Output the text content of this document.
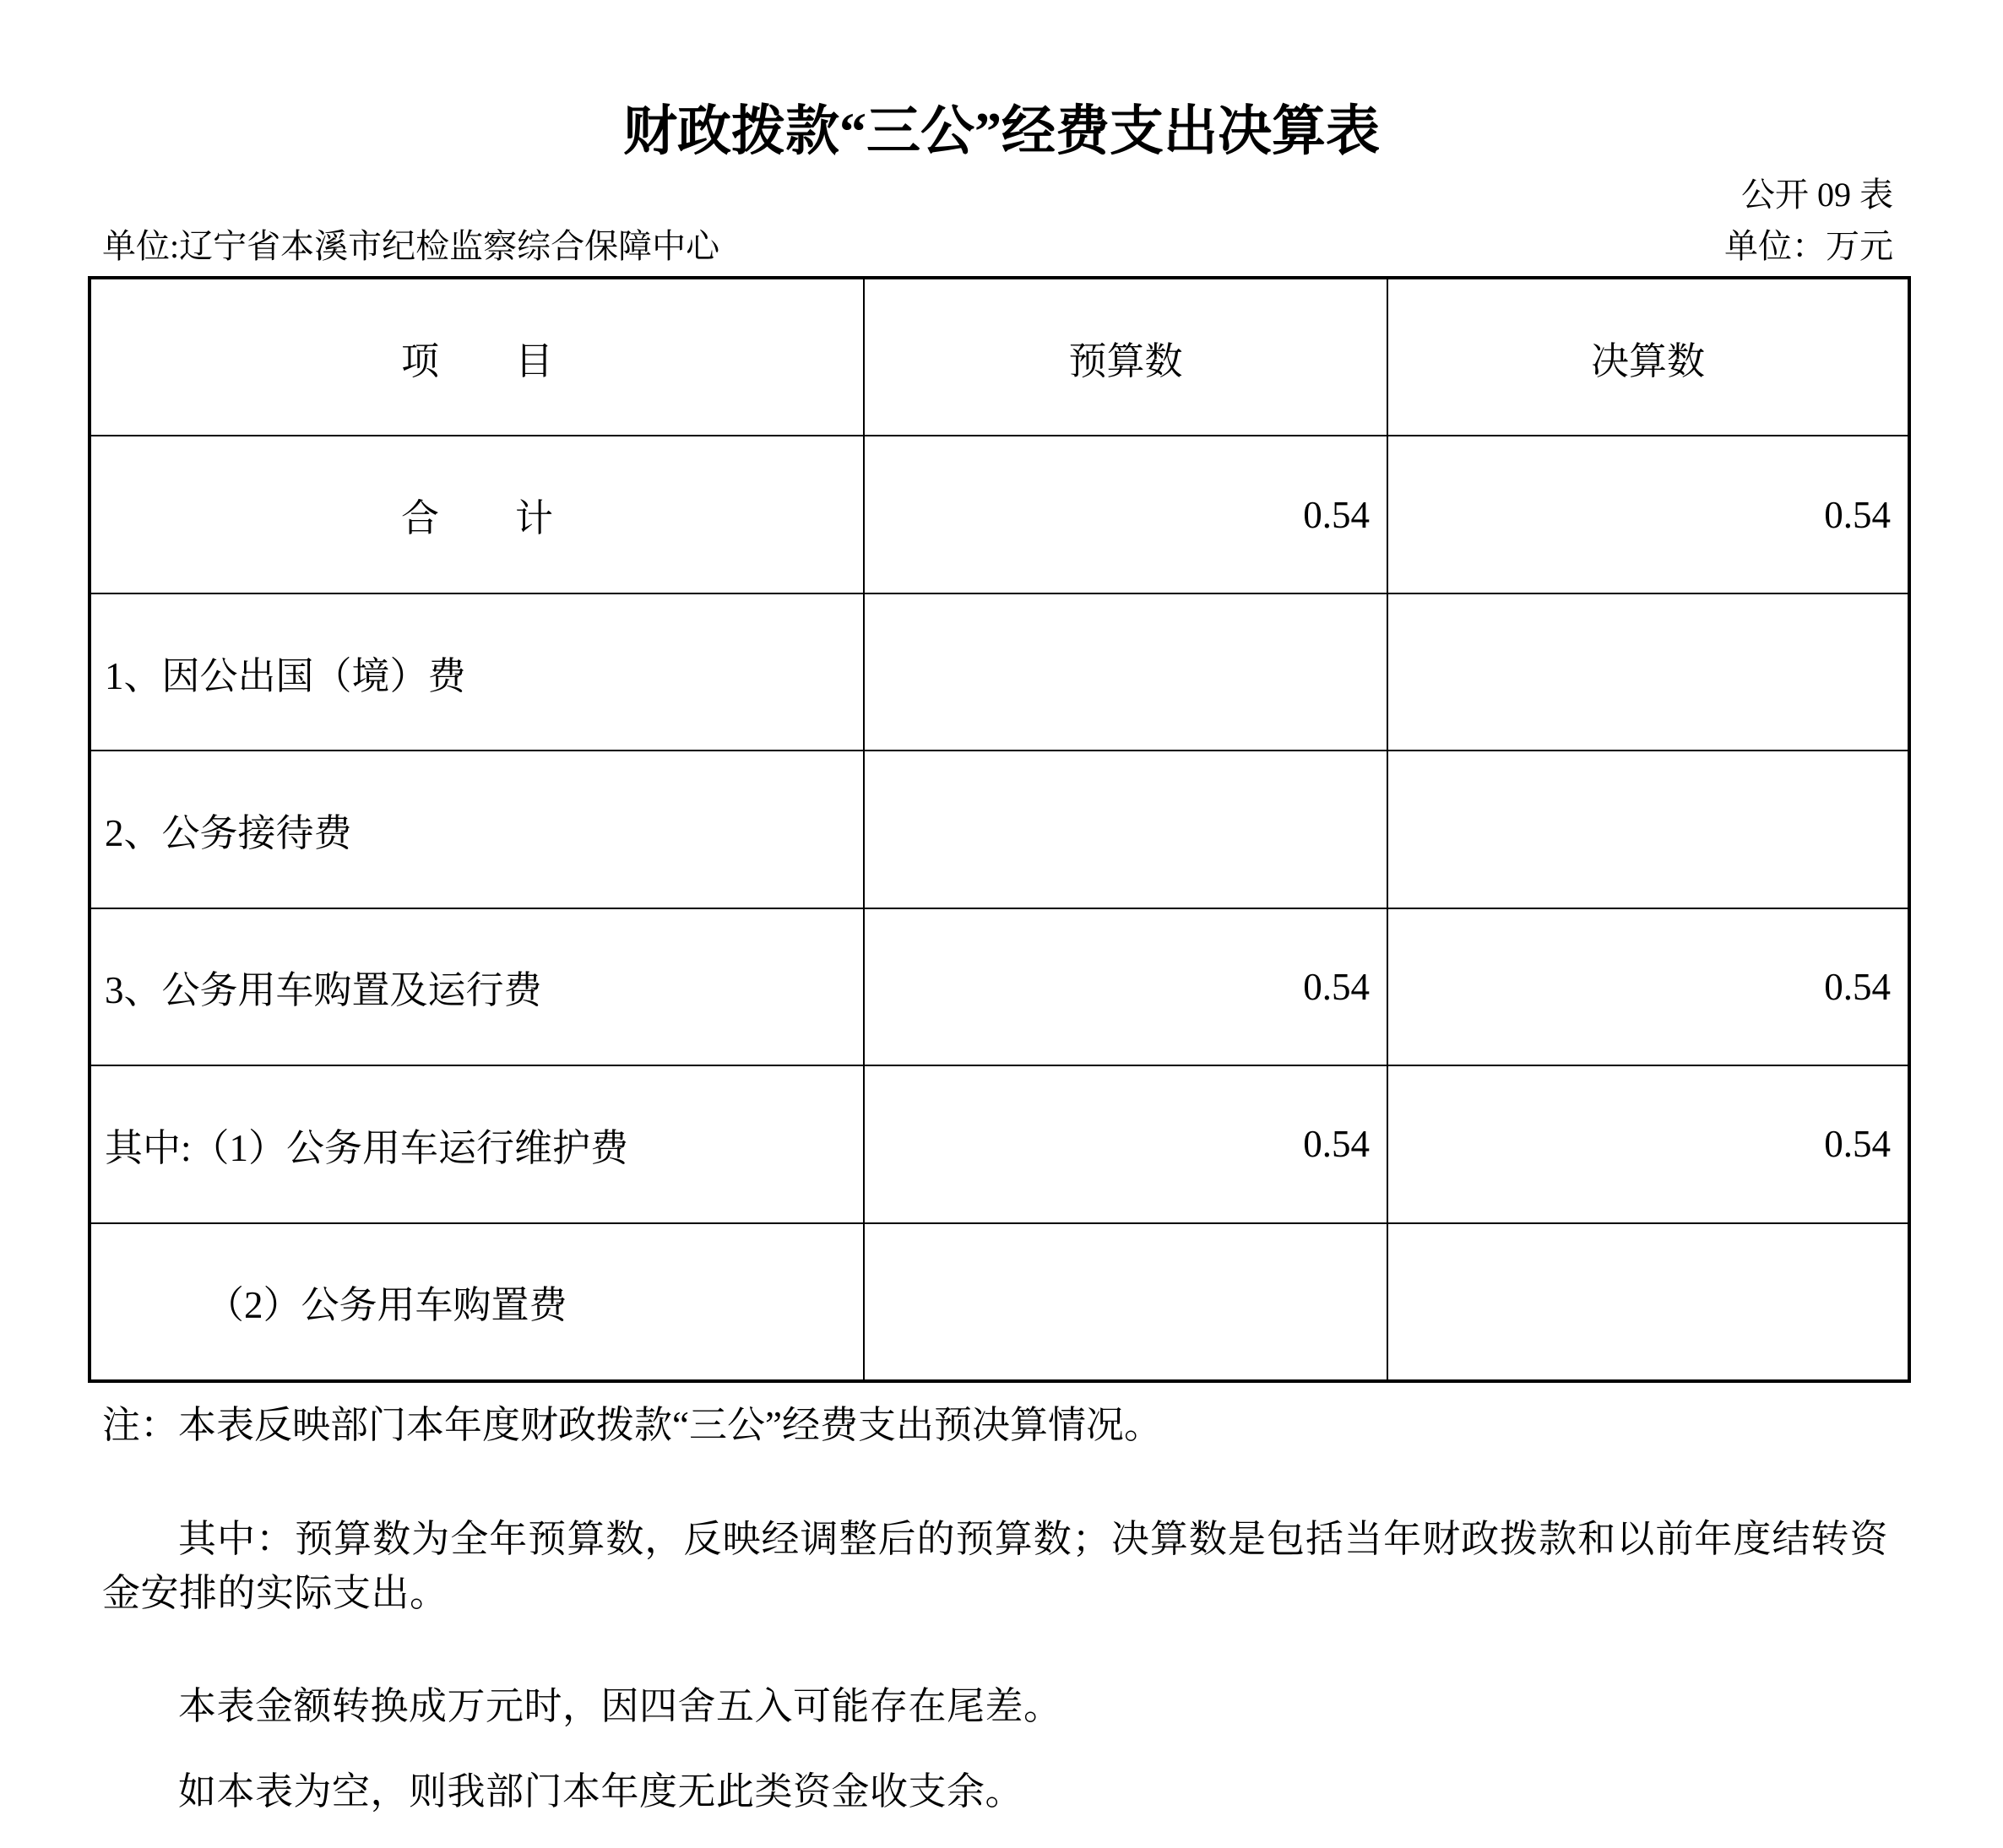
财政拨款“三公”经费支出决算表
公开 09 表
单位:辽宁省本溪市纪检监察综合保障中心	单位：万元
项　　目	预算数	决算数
合　　计	0.54	0.54
1、因公出国（境）费		
2、公务接待费		
3、公务用车购置及运行费	0.54	0.54
其中:（1）公务用车运行维护费	0.54	0.54
（2）公务用车购置费		
注：本表反映部门本年度财政拨款“三公”经费支出预决算情况。
其中：预算数为全年预算数，反映经调整后的预算数；决算数是包括当年财政拨款和以前年度结转资金安排的实际支出。
本表金额转换成万元时，因四舍五入可能存在尾差。
如本表为空，则我部门本年度无此类资金收支余。
